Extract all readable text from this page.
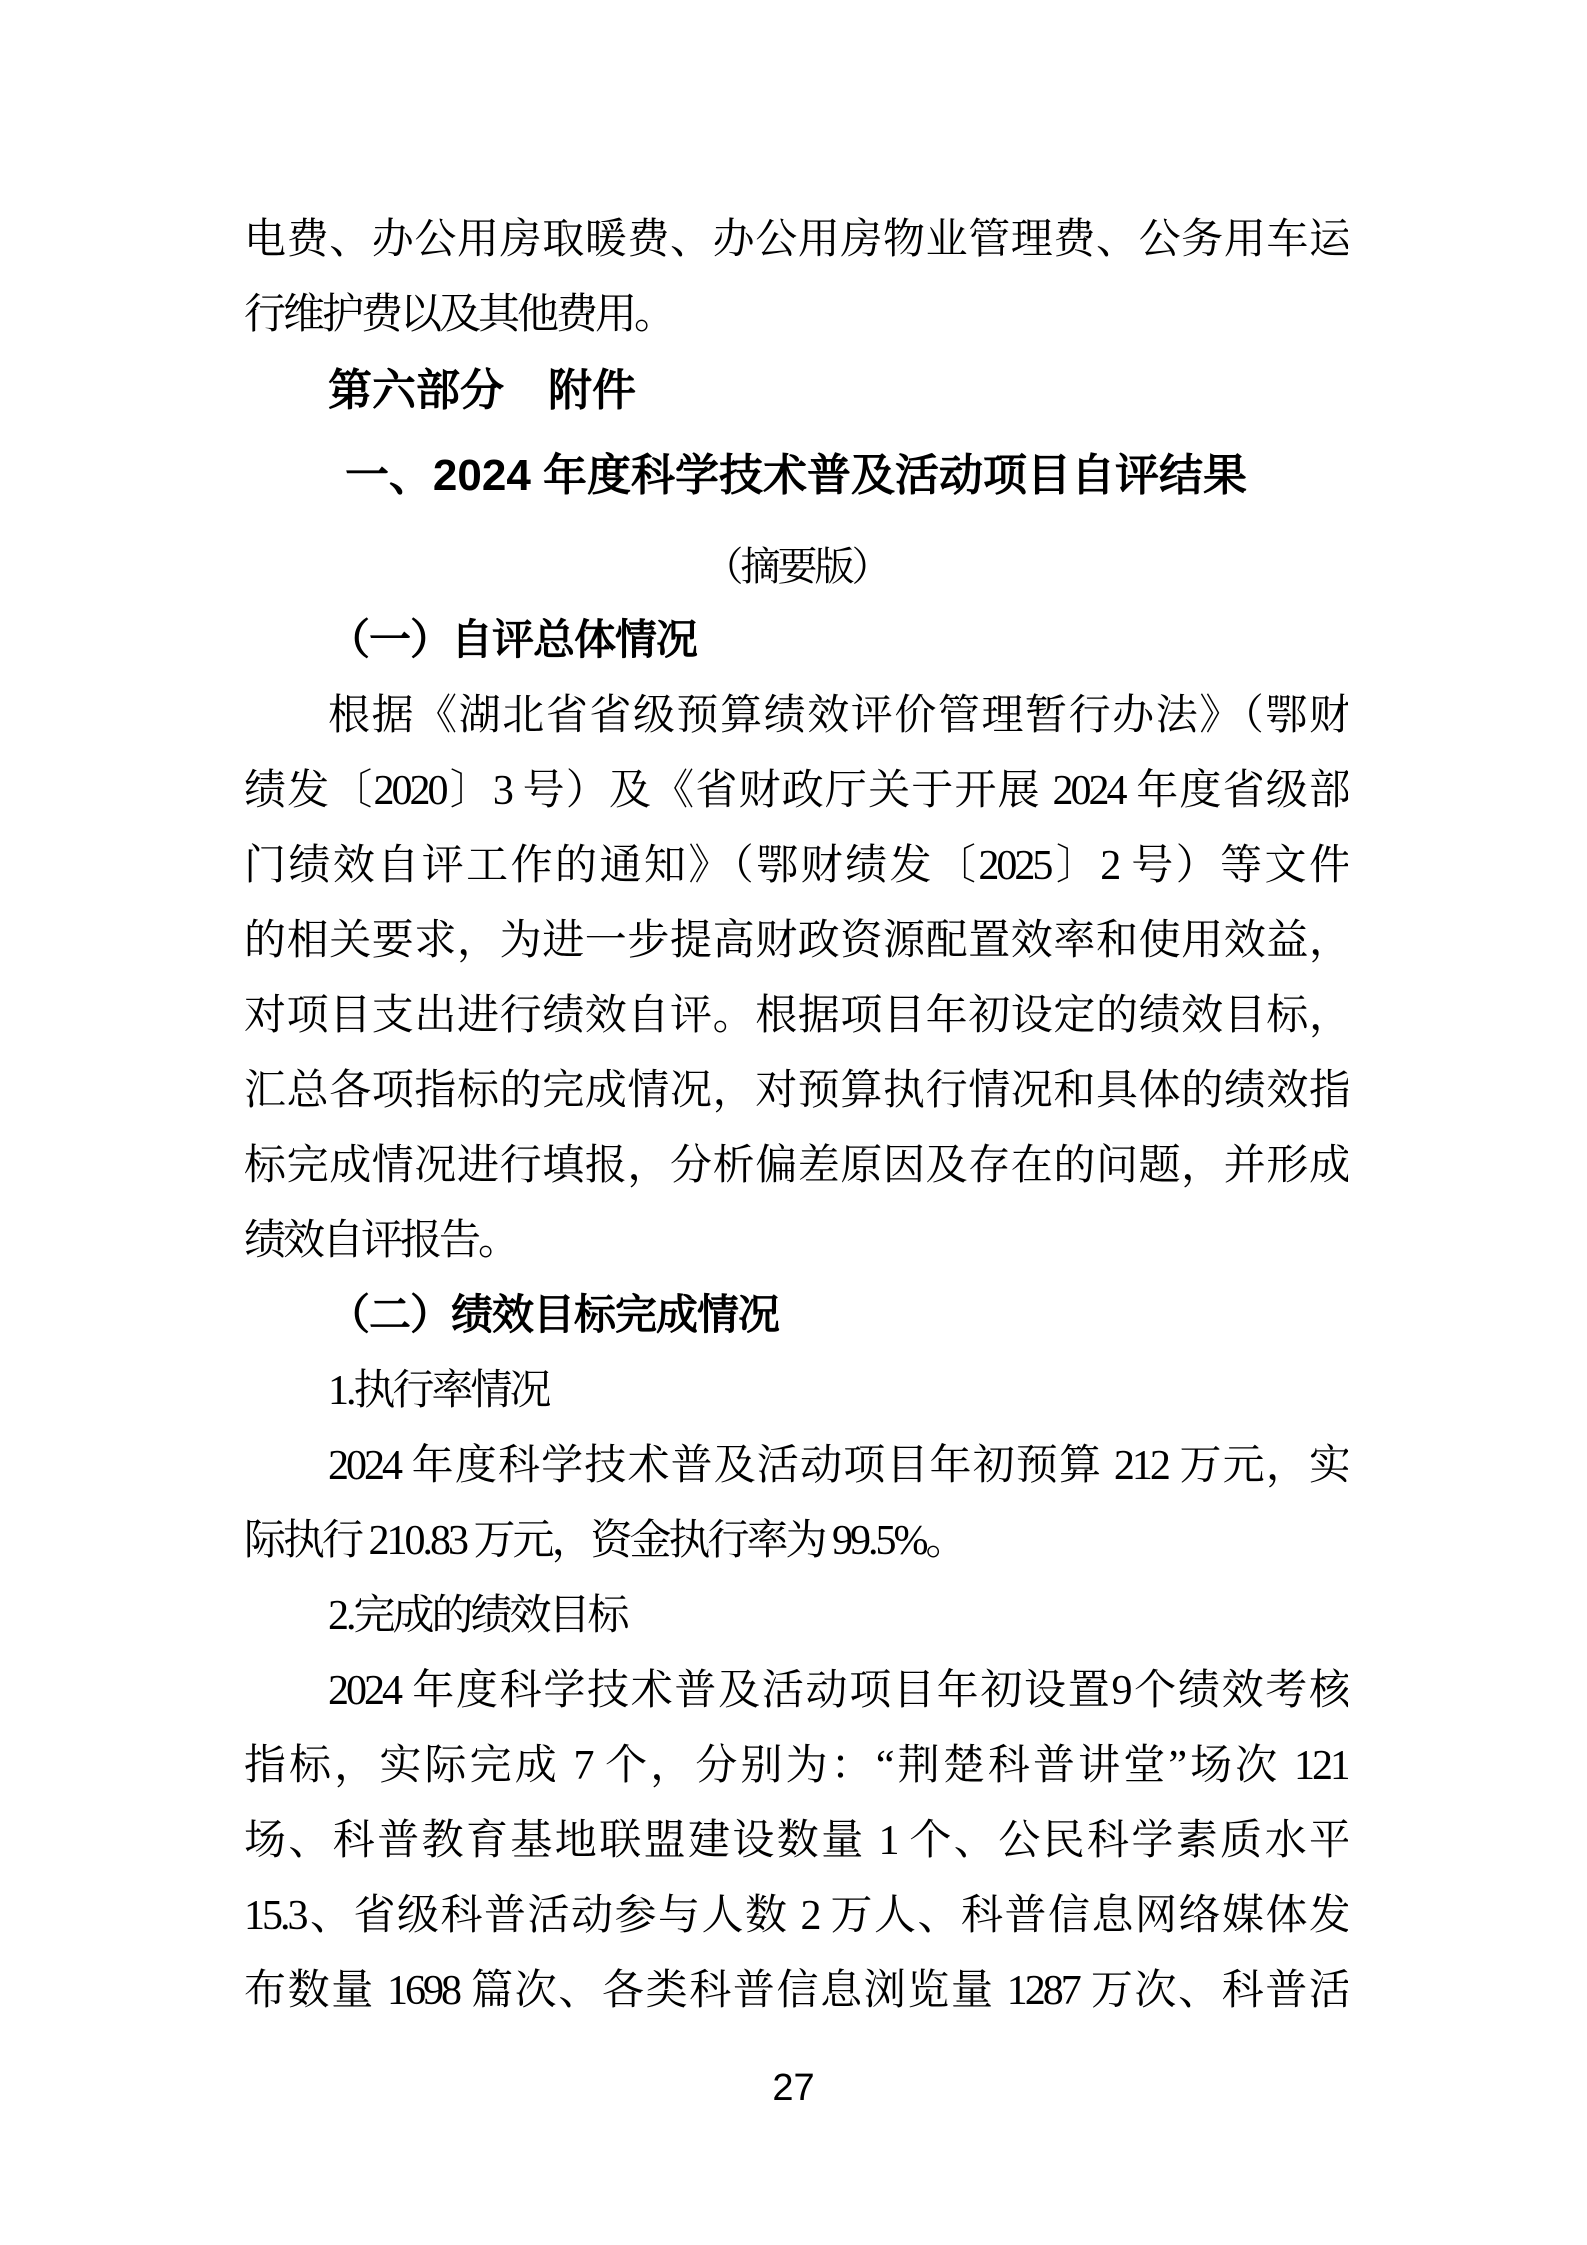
电费、办公用房取暖费、办公用房物业管理费、公务用车运
行维护费以及其他费用。
第六部分　附件
一、2024 年度科学技术普及活动项目自评结果
（摘要版）
（一）自评总体情况
根据《湖北省省级预算绩效评价管理暂行办法》（鄂财
绩发〔2020〕3 号）及《省财政厅关于开展 2024 年度省级部
门绩效自评工作的通知》（鄂财绩发〔2025〕2 号）等文件
的相关要求，为进一步提高财政资源配置效率和使用效益，
对项目支出进行绩效自评。根据项目年初设定的绩效目标，
汇总各项指标的完成情况，对预算执行情况和具体的绩效指
标完成情况进行填报，分析偏差原因及存在的问题，并形成
绩效自评报告。
（二）绩效目标完成情况
1.执行率情况
2024 年度科学技术普及活动项目年初预算 212 万元，实
际执行 210.83 万元，资金执行率为 99.5%。
2.完成的绩效目标
2024 年度科学技术普及活动项目年初设置9个绩效考核
指标，实际完成 7 个，分别为：“荆楚科普讲堂”场次 121
场、科普教育基地联盟建设数量 1 个、公民科学素质水平
15.3、省级科普活动参与人数 2 万人、科普信息网络媒体发
布数量 1698 篇次、各类科普信息浏览量 1287 万次、科普活
27
